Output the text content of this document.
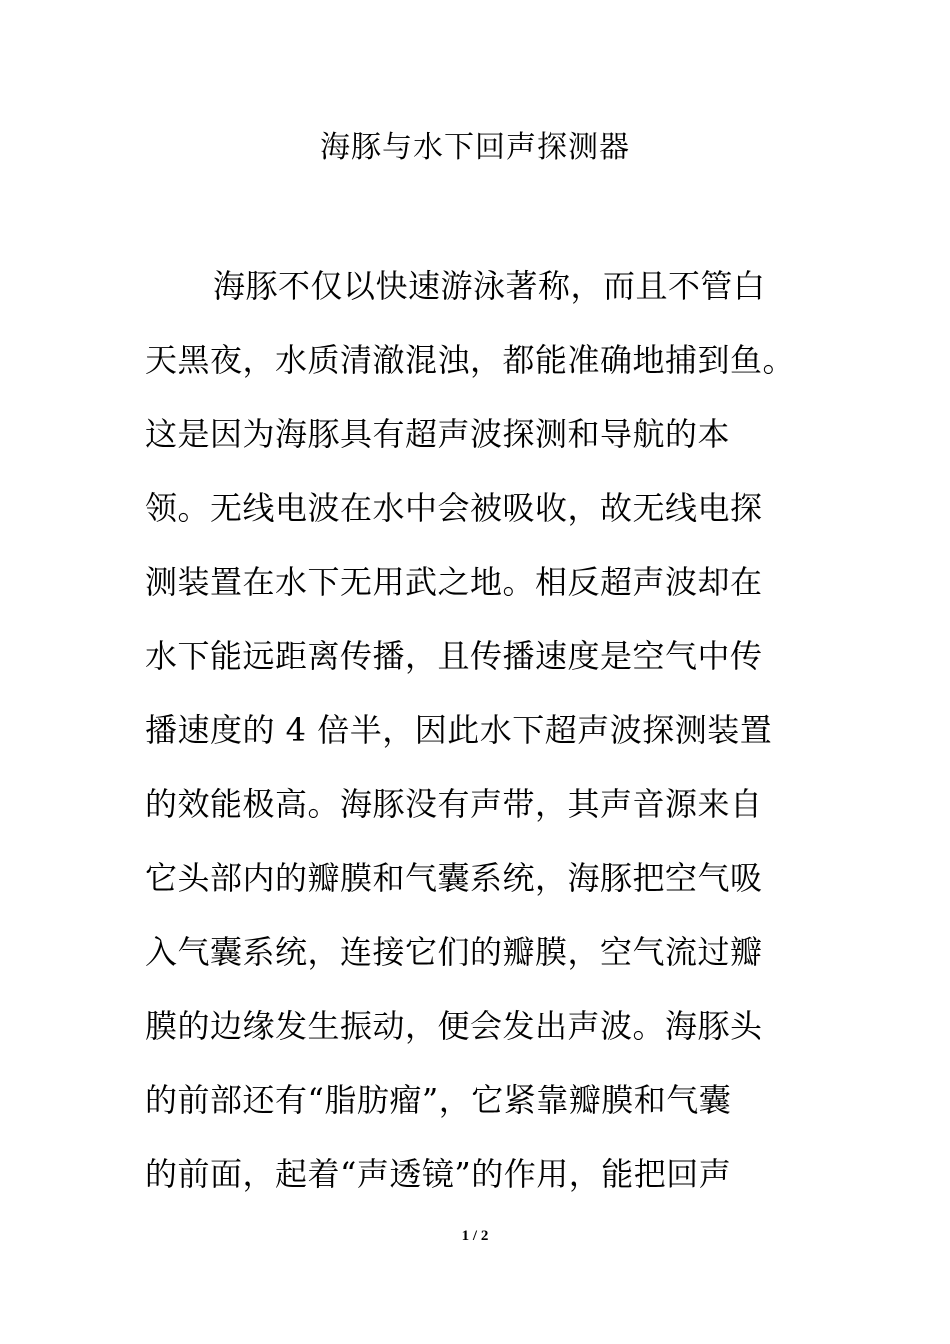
海豚与水下回声探测器
海豚不仅以快速游泳著称，而且不管白
天黑夜，水质清澈混浊，都能准确地捕到鱼。
这是因为海豚具有超声波探测和导航的本
领。无线电波在水中会被吸收，故无线电探
测装置在水下无用武之地。相反超声波却在
水下能远距离传播，且传播速度是空气中传
播速度的 4 倍半，因此水下超声波探测装置
的效能极高。海豚没有声带，其声音源来自
它头部内的瓣膜和气囊系统，海豚把空气吸
入气囊系统，连接它们的瓣膜，空气流过瓣
膜的边缘发生振动，便会发出声波。海豚头
的前部还有“脂肪瘤”，它紧靠瓣膜和气囊
的前面，起着“声透镜”的作用，能把回声
1 / 2
